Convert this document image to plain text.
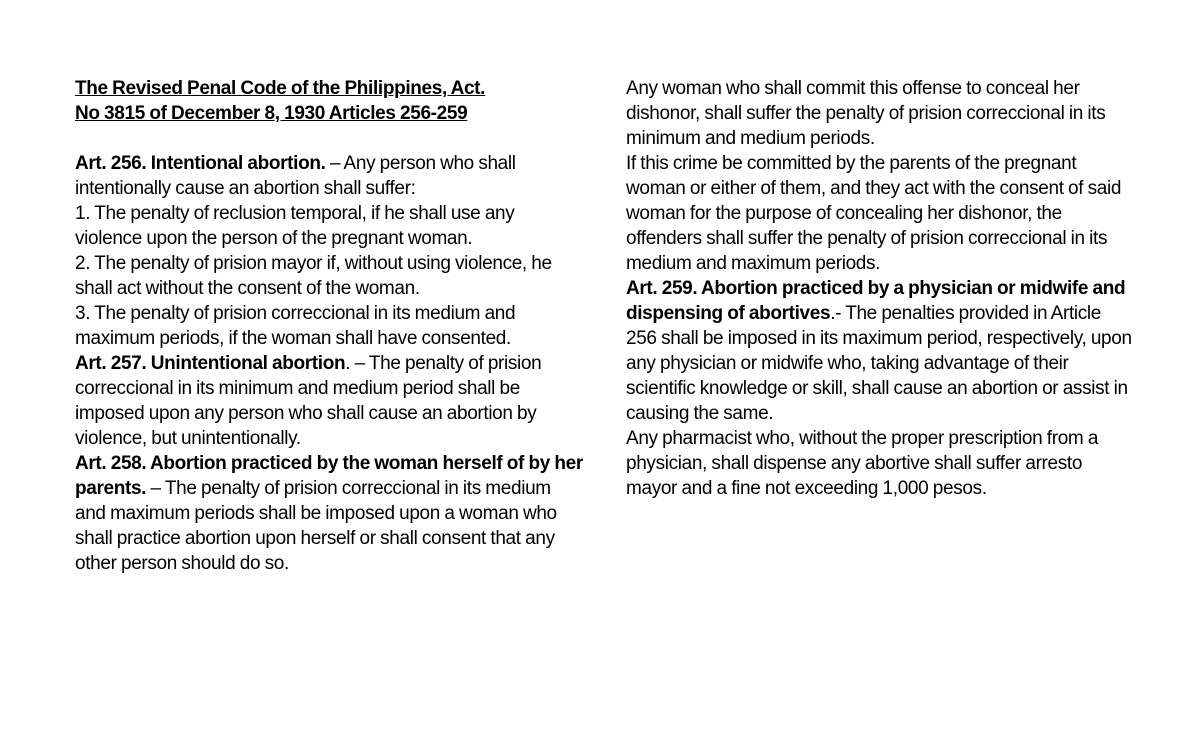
The Revised Penal Code of the Philippines, Act.
No 3815 of December 8, 1930 Articles 256-259

Art. 256. Intentional abortion. – Any person who shall intentionally cause an abortion shall suffer:

1. The penalty of reclusion temporal, if he shall use any violence upon the person of the pregnant woman.

2. The penalty of prision mayor if, without using violence, he shall act without the consent of the woman.

3. The penalty of prision correccional in its medium and maximum periods, if the woman shall have consented.

Art. 257. Unintentional abortion. – The penalty of prision correccional in its minimum and medium period shall be imposed upon any person who shall cause an abortion by violence, but unintentionally.

Art. 258. Abortion practiced by the woman herself of by her parents. – The penalty of prision correccional in its medium and maximum periods shall be imposed upon a woman who shall practice abortion upon herself or shall consent that any other person should do so.

Any woman who shall commit this offense to conceal her dishonor, shall suffer the penalty of prision correccional in its minimum and medium periods.

If this crime be committed by the parents of the pregnant woman or either of them, and they act with the consent of said woman for the purpose of concealing her dishonor, the offenders shall suffer the penalty of prision correccional in its medium and maximum periods.

Art. 259. Abortion practiced by a physician or midwife and dispensing of abortives.- The penalties provided in Article 256 shall be imposed in its maximum period, respectively, upon any physician or midwife who, taking advantage of their scientific knowledge or skill, shall cause an abortion or assist in causing the same.

Any pharmacist who, without the proper prescription from a physician, shall dispense any abortive shall suffer arresto mayor and a fine not exceeding 1,000 pesos.
